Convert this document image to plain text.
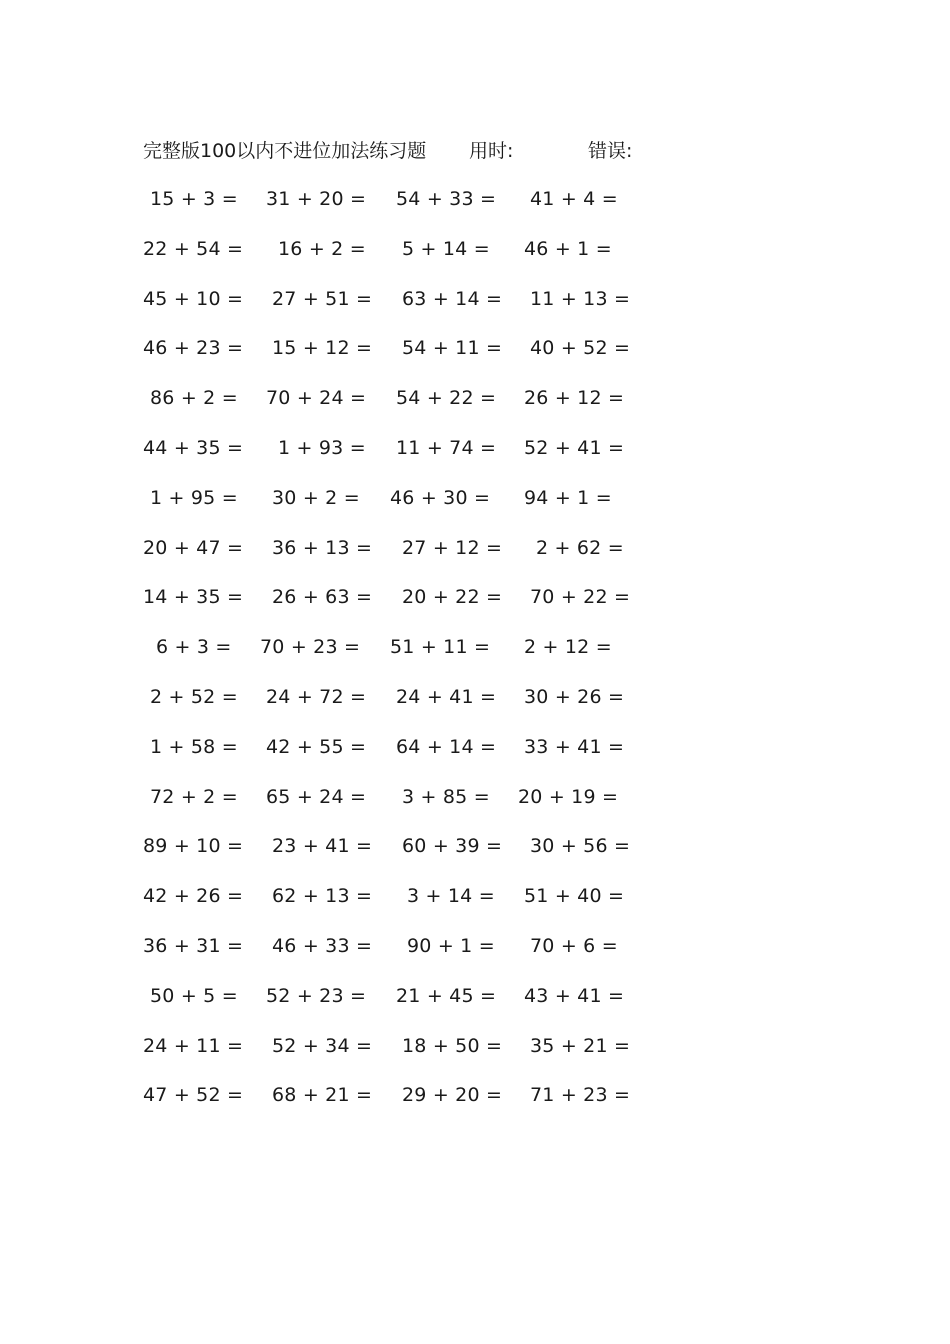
完整版100以内不进位加法练习题 用时:	错误:
15 + 3 = 31 + 20 = 54 + 33 = 41 + 4 =
22 + 54 = 16 + 2 = 5 + 14 = 46 + 1 =
45 + 10 = 27 + 51 = 63 + 14 = 11 + 13 =
46 + 23 = 15 + 12 = 54 + 11 = 40 + 52 =
86 + 2 = 70 + 24 = 54 + 22 = 26 + 12 =
44 + 35 = 1 + 93 = 11 + 74 = 52 + 41 =
1 + 95 = 30 + 2 = 46 + 30 = 94 + 1 =
20 + 47 = 36 + 13 = 27 + 12 = 2 + 62 =
14 + 35 = 26 + 63 = 20 + 22 = 70 + 22 =
6 + 3 = 70 + 23 = 51 + 11 = 2 + 12 =
2 + 52 = 24 + 72 = 24 + 41 = 30 + 26 =
1 + 58 = 42 + 55 = 64 + 14 = 33 + 41 =
72 + 2 = 65 + 24 = 3 + 85 = 20 + 19 =
89 + 10 = 23 + 41 = 60 + 39 = 30 + 56 =
42 + 26 = 62 + 13 = 3 + 14 = 51 + 40 =
36 + 31 = 46 + 33 = 90 + 1 = 70 + 6 =
50 + 5 = 52 + 23 = 21 + 45 = 43 + 41 =
24 + 11 = 52 + 34 = 18 + 50 = 35 + 21 =
47 + 52 = 68 + 21 = 29 + 20 = 71 + 23 =
